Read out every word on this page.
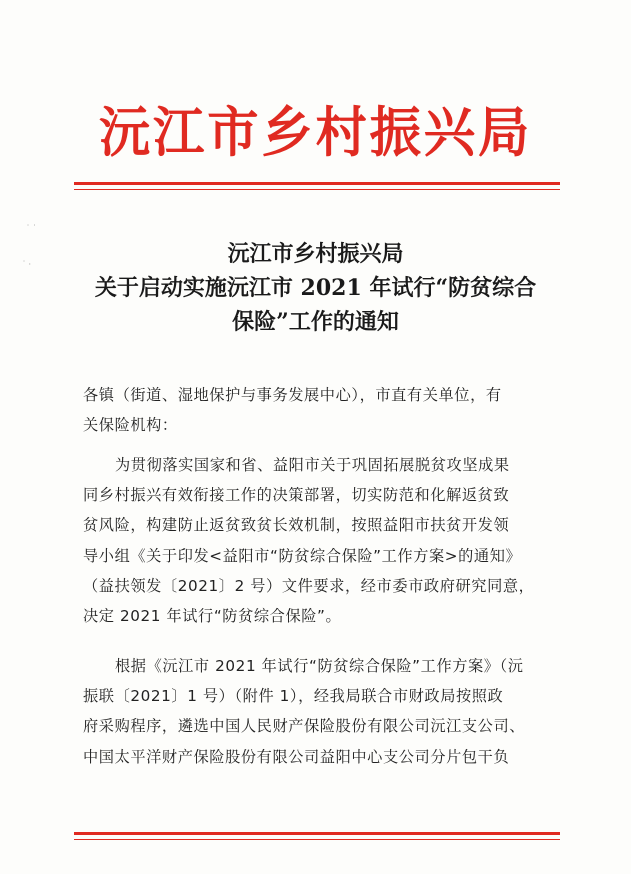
沅江市乡村振兴局
˙ ˙
˙ ·	沅江市乡村振兴局
关于启动实施沅江市 2021 年试行“防贫综合
保险”工作的通知
各镇（街道、湿地保护与事务发展中心），市直有关单位，有
关保险机构：
为贯彻落实国家和省、益阳市关于巩固拓展脱贫攻坚成果
同乡村振兴有效衔接工作的决策部署，切实防范和化解返贫致
贫风险，构建防止返贫致贫长效机制，按照益阳市扶贫开发领
导小组《关于印发<益阳市“防贫综合保险”工作方案>的通知》
（益扶领发〔2021〕2 号）文件要求，经市委市政府研究同意，
决定 2021 年试行“防贫综合保险”。
根据《沅江市 2021 年试行“防贫综合保险”工作方案》（沅
振联〔2021〕1 号）（附件 1），经我局联合市财政局按照政
府采购程序，遴选中国人民财产保险股份有限公司沅江支公司、
中国太平洋财产保险股份有限公司益阳中心支公司分片包干负
